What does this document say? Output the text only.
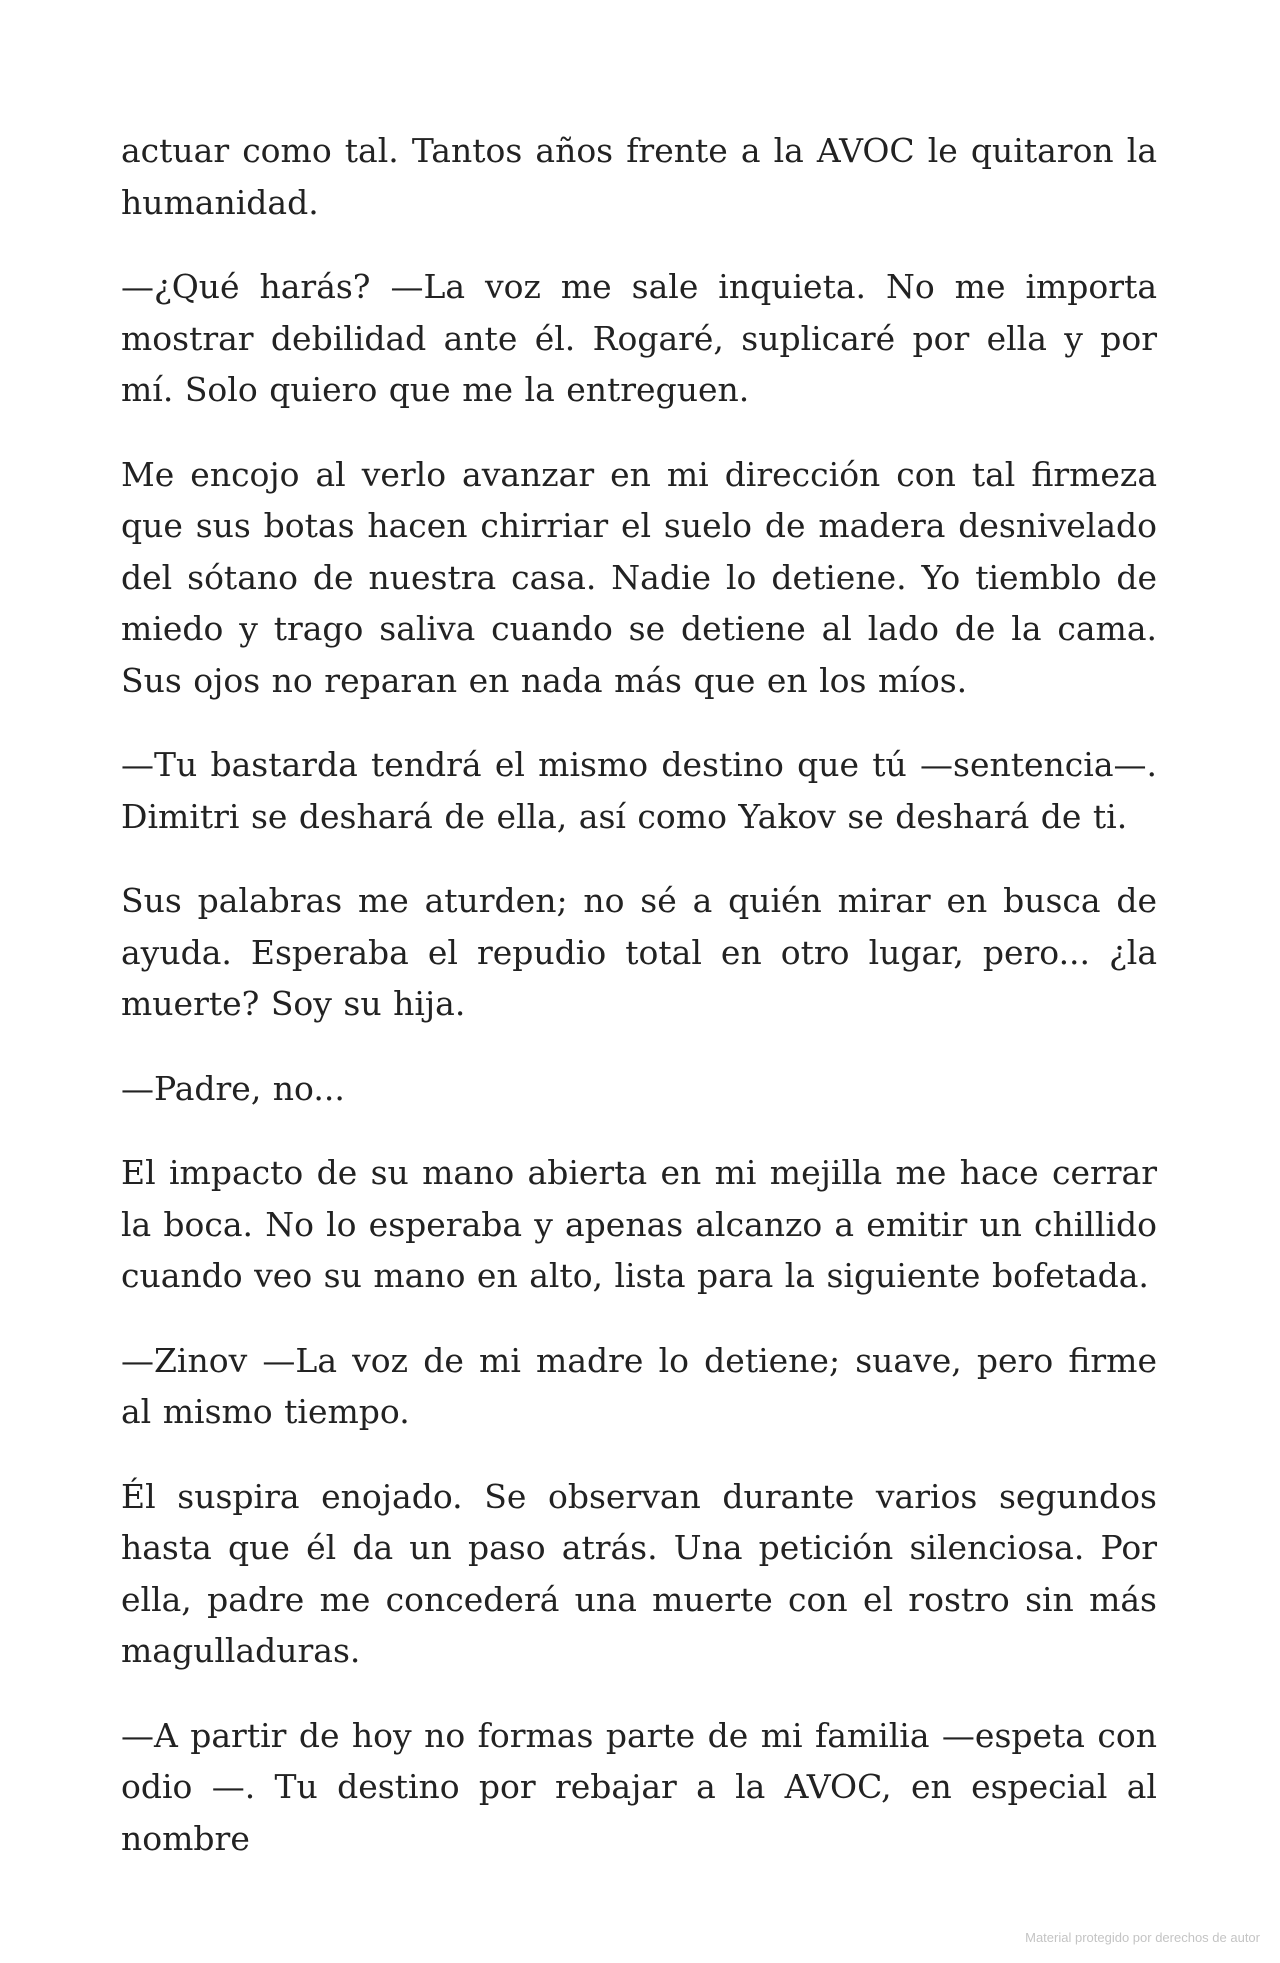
actuar como tal. Tantos años frente a la AVOC le quitaron la humanidad.

—¿Qué harás? —La voz me sale inquieta. No me importa mostrar debilidad ante él. Rogaré, suplicaré por ella y por mí. Solo quiero que me la entreguen.

Me encojo al verlo avanzar en mi dirección con tal firmeza que sus botas hacen chirriar el suelo de madera desnivelado del sótano de nuestra casa. Nadie lo detiene. Yo tiemblo de miedo y trago saliva cuando se detiene al lado de la cama. Sus ojos no reparan en nada más que en los míos.

—Tu bastarda tendrá el mismo destino que tú —sentencia—. Dimitri se deshará de ella, así como Yakov se deshará de ti.

Sus palabras me aturden; no sé a quién mirar en busca de ayuda. Esperaba el repudio total en otro lugar, pero... ¿la muerte? Soy su hija.

—Padre, no...

El impacto de su mano abierta en mi mejilla me hace cerrar la boca. No lo esperaba y apenas alcanzo a emitir un chillido cuando veo su mano en alto, lista para la siguiente bofetada.

—Zinov —La voz de mi madre lo detiene; suave, pero firme al mismo tiempo.

Él suspira enojado. Se observan durante varios segundos hasta que él da un paso atrás. Una petición silenciosa. Por ella, padre me concederá una muerte con el rostro sin más magulladuras.

—A partir de hoy no formas parte de mi familia —espeta con odio —. Tu destino por rebajar a la AVOC, en especial al nombre

Material protegido por derechos de autor
